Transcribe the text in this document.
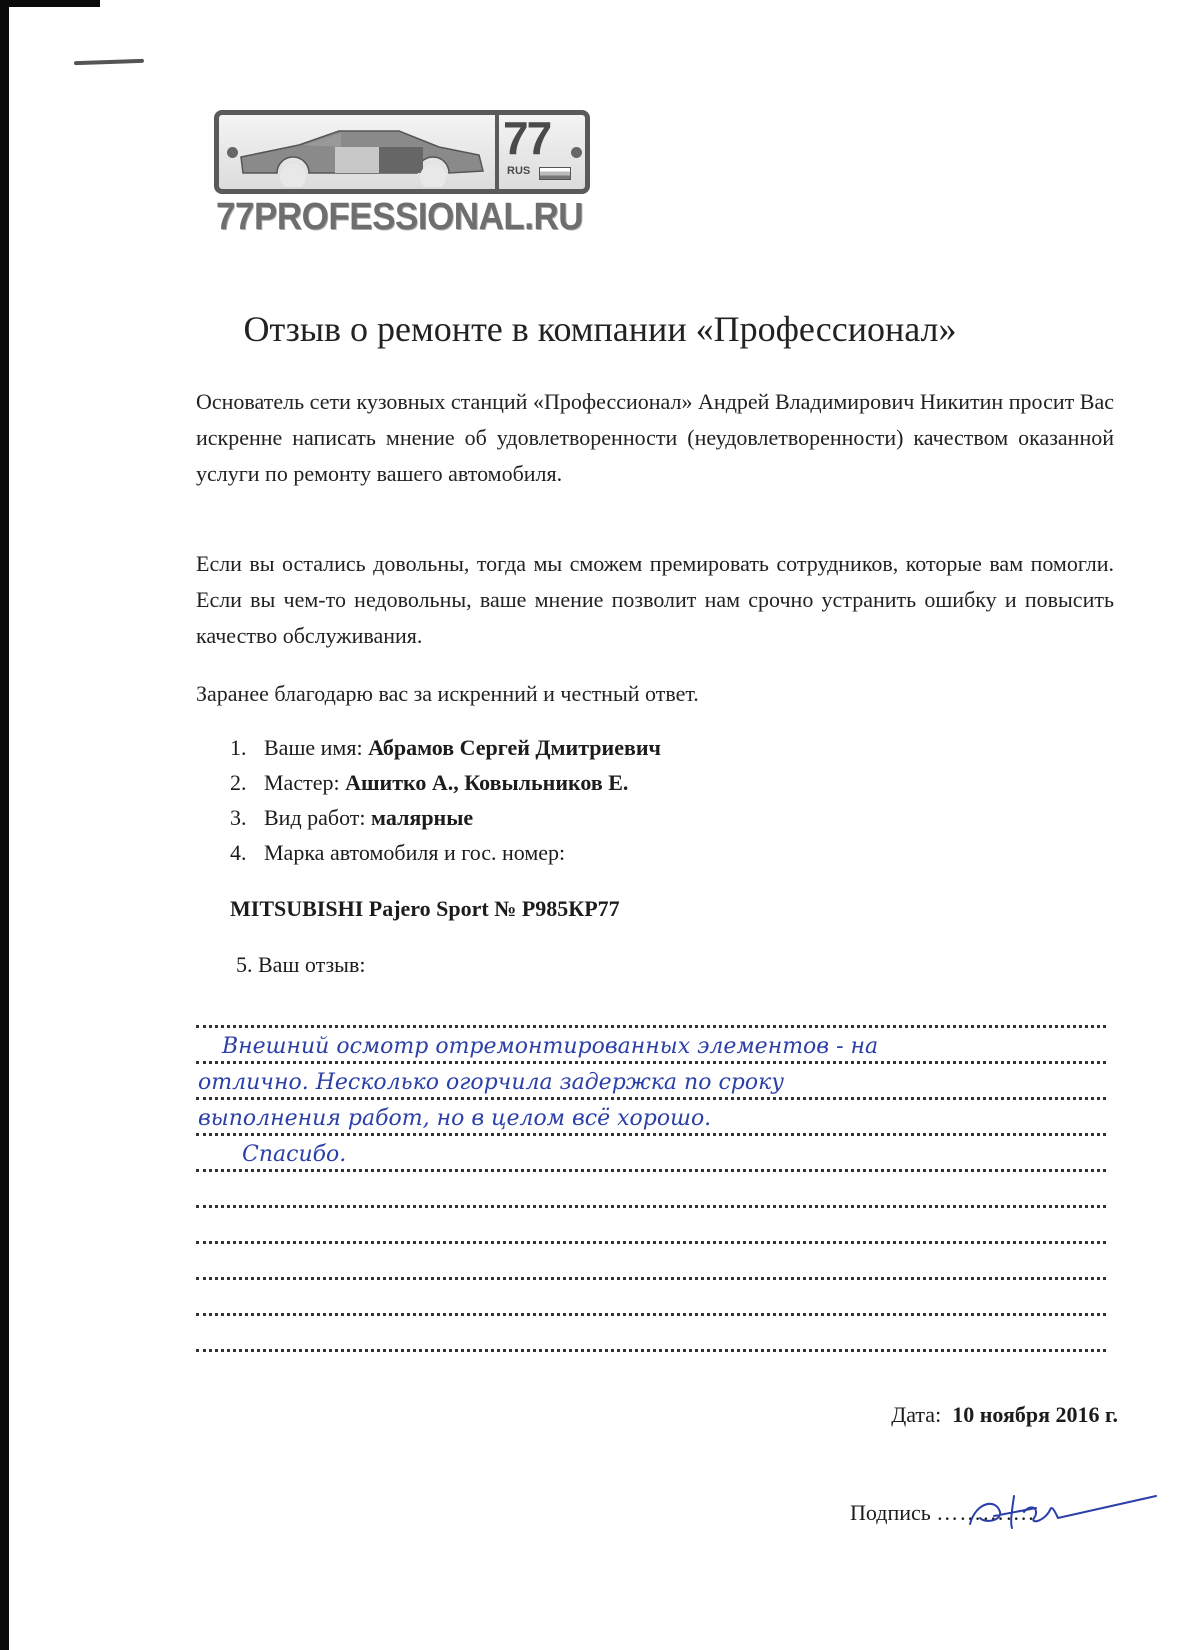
77
RUS
77PROFESSIONAL.RU
Отзыв о ремонте в компании «Профессионал»
Основатель сети кузовных станций «Профессионал» Андрей Владимирович Никитин просит Вас искренне написать мнение об удовлетворенности (неудовлетворенности) качеством оказанной услуги по ремонту вашего автомобиля.
Если вы остались довольны, тогда мы сможем премировать сотрудников, которые вам помогли. Если вы чем-то недовольны, ваше мнение позволит нам срочно устранить ошибку и повысить качество обслуживания.
Заранее благодарю вас за искренний и честный ответ.
1. Ваше имя:
Абрамов Сергей Дмитриевич
2. Мастер:
Ашитко А., Ковыльников Е.
3. Вид работ:
малярные
4. Марка автомобиля и гос. номер:
MITSUBISHI Pajero Sport № Р985КР77
5. Ваш отзыв:
Внешний осмотр отремонтированных элементов - на
отлично. Несколько огорчила задержка по сроку
выполнения работ, но в целом всё хорошо.
Спасибо.
Дата: 10 ноября 2016 г.
Подпись ………….
